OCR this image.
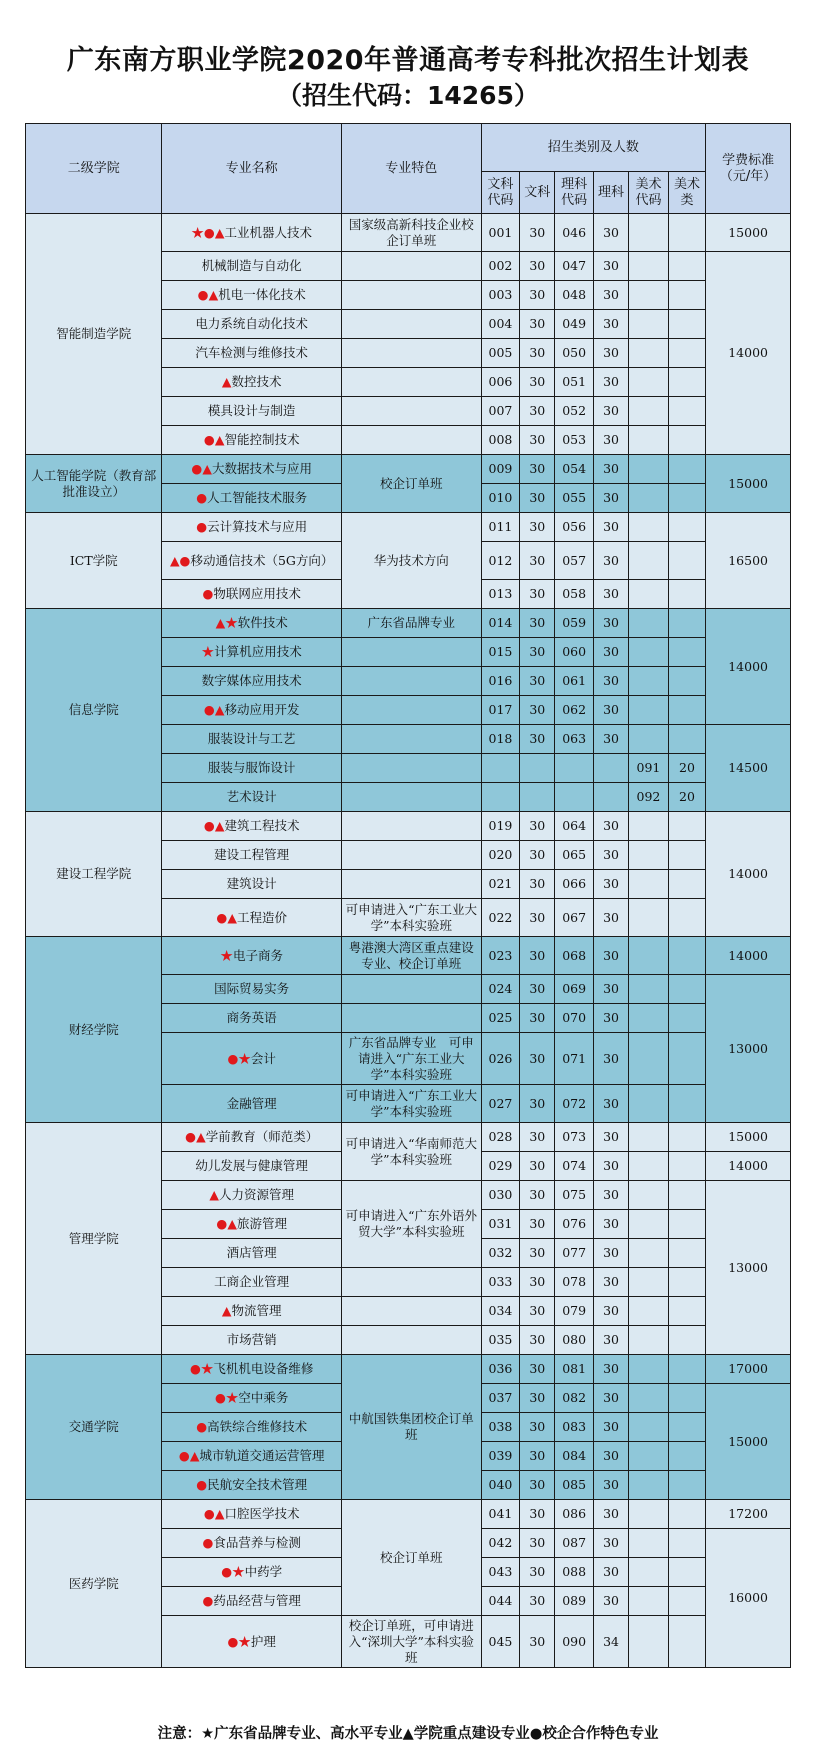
广东南方职业学院2020年普通高考专科批次招生计划表
（招生代码：14265）
二级学院	专业名称	专业特色	招生类别及人数						学费标准（元/年）
			文科代码	文科	理科代码	理科	美术代码	美术类	
智能制造学院	★●▲工业机器人技术	国家级高新科技企业校企订单班	001	30	046	30			15000
	机械制造与自动化		002	30	047	30			14000
	●▲机电一体化技术		003	30	048	30			
	电力系统自动化技术		004	30	049	30			
	汽车检测与维修技术		005	30	050	30			
	▲数控技术		006	30	051	30			
	模具设计与制造		007	30	052	30			
	●▲智能控制技术		008	30	053	30			
人工智能学院（教育部批准设立）	●▲大数据技术与应用	校企订单班	009	30	054	30			15000
	●人工智能技术服务		010	30	055	30			
ICT学院	●云计算技术与应用	华为技术方向	011	30	056	30			16500
	▲●移动通信技术（5G方向）		012	30	057	30			
	●物联网应用技术		013	30	058	30			
信息学院	▲★软件技术	广东省品牌专业	014	30	059	30			14000
	★计算机应用技术		015	30	060	30			
	数字媒体应用技术		016	30	061	30			
	●▲移动应用开发		017	30	062	30			
	服装设计与工艺		018	30	063	30			14500
	服装与服饰设计						091	20	
	艺术设计						092	20	
建设工程学院	●▲建筑工程技术		019	30	064	30			14000
	建设工程管理		020	30	065	30			
	建筑设计		021	30	066	30			
	●▲工程造价	可申请进入“广东工业大学”本科实验班	022	30	067	30			
财经学院	★电子商务	粤港澳大湾区重点建设专业、校企订单班	023	30	068	30			14000
	国际贸易实务		024	30	069	30			13000
	商务英语		025	30	070	30			
	●★会计	广东省品牌专业　可申请进入“广东工业大学”本科实验班	026	30	071	30			
	金融管理	可申请进入“广东工业大学”本科实验班	027	30	072	30			
管理学院	●▲学前教育（师范类）	可申请进入“华南师范大学”本科实验班	028	30	073	30			15000
	幼儿发展与健康管理		029	30	074	30			14000
	▲人力资源管理	可申请进入“广东外语外贸大学”本科实验班	030	30	075	30			13000
	●▲旅游管理		031	30	076	30			
	酒店管理		032	30	077	30			
	工商企业管理		033	30	078	30			
	▲物流管理		034	30	079	30			
	市场营销		035	30	080	30			
交通学院	●★飞机机电设备维修	中航国铁集团校企订单班	036	30	081	30			17000
	●★空中乘务		037	30	082	30			15000
	●高铁综合维修技术		038	30	083	30			
	●▲城市轨道交通运营管理		039	30	084	30			
	●民航安全技术管理		040	30	085	30			
医药学院	●▲口腔医学技术	校企订单班	041	30	086	30			17200
	●食品营养与检测		042	30	087	30			16000
	●★中药学		043	30	088	30			
	●药品经营与管理		044	30	089	30			
	●★护理	校企订单班，可申请进入“深圳大学”本科实验班	045	30	090	34			
注意：★广东省品牌专业、高水平专业▲学院重点建设专业●校企合作特色专业
